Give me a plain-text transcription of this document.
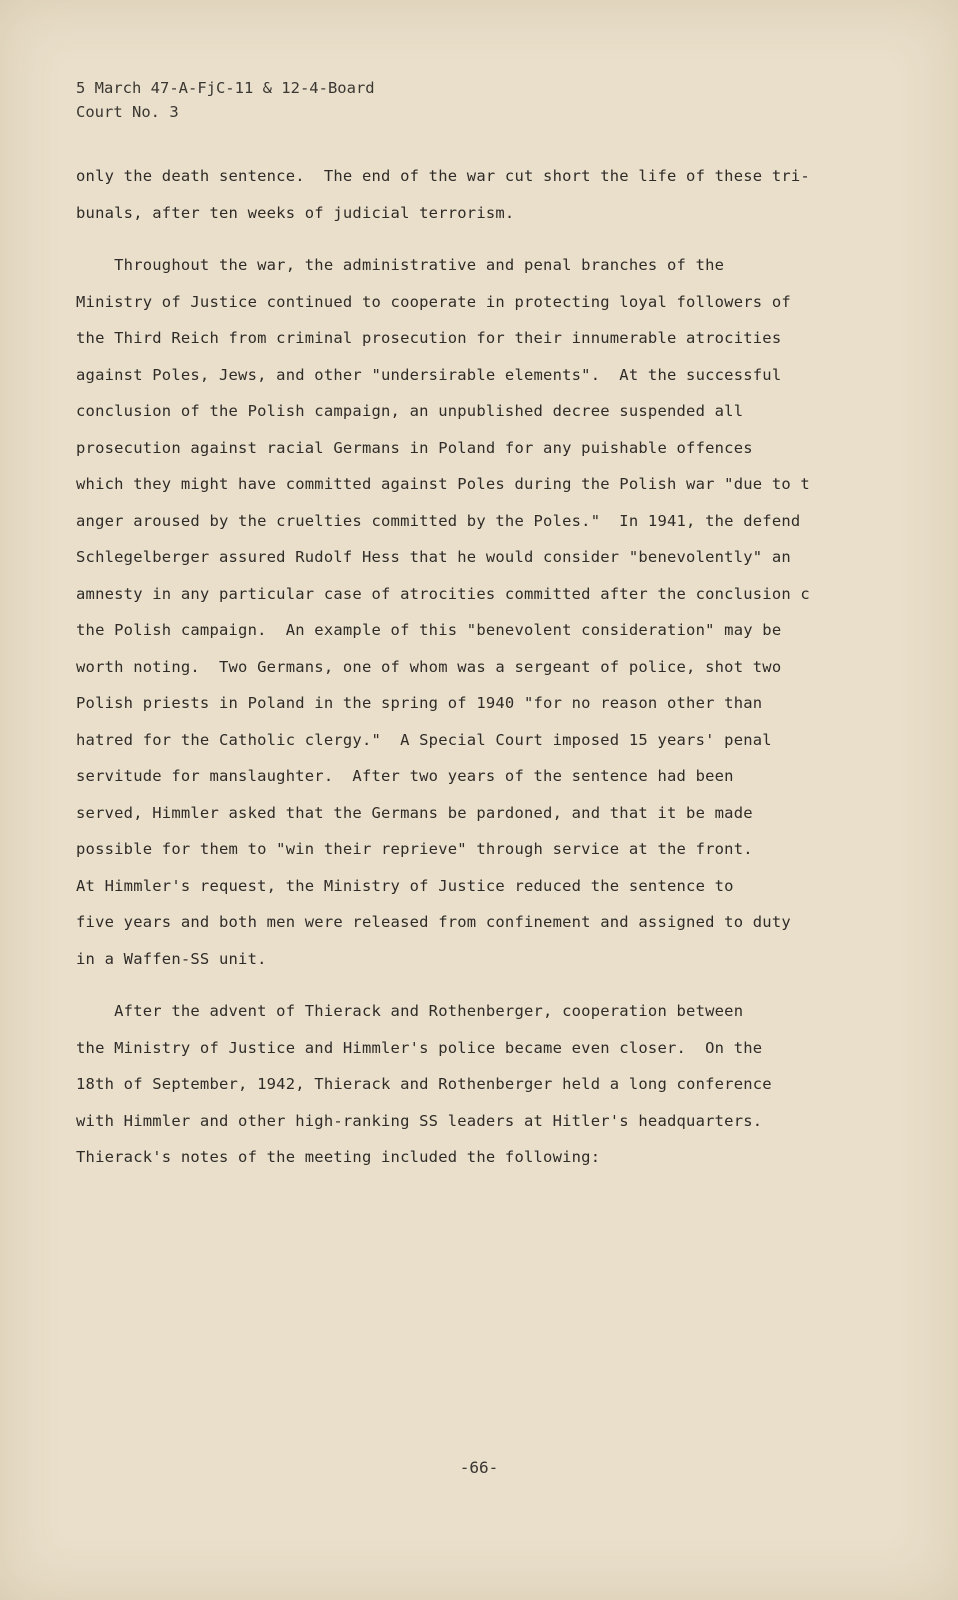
5 March 47-A-FjC-11 & 12-4-Board
Court No. 3
only the death sentence.  The end of the war cut short the life of these tri-
bunals, after ten weeks of judicial terrorism.
Throughout the war, the administrative and penal branches of the
Ministry of Justice continued to cooperate in protecting loyal followers of
the Third Reich from criminal prosecution for their innumerable atrocities
against Poles, Jews, and other "undersirable elements".  At the successful
conclusion of the Polish campaign, an unpublished decree suspended all
prosecution against racial Germans in Poland for any puishable offences
which they might have committed against Poles during the Polish war "due to t
anger aroused by the cruelties committed by the Poles."  In 1941, the defend
Schlegelberger assured Rudolf Hess that he would consider "benevolently" an
amnesty in any particular case of atrocities committed after the conclusion c
the Polish campaign.  An example of this "benevolent consideration" may be
worth noting.  Two Germans, one of whom was a sergeant of police, shot two
Polish priests in Poland in the spring of 1940 "for no reason other than
hatred for the Catholic clergy."  A Special Court imposed 15 years' penal
servitude for manslaughter.  After two years of the sentence had been
served, Himmler asked that the Germans be pardoned, and that it be made
possible for them to "win their reprieve" through service at the front.
At Himmler's request, the Ministry of Justice reduced the sentence to
five years and both men were released from confinement and assigned to duty
in a Waffen-SS unit.
After the advent of Thierack and Rothenberger, cooperation between
the Ministry of Justice and Himmler's police became even closer.  On the
18th of September, 1942, Thierack and Rothenberger held a long conference
with Himmler and other high-ranking SS leaders at Hitler's headquarters.
Thierack's notes of the meeting included the following:
-66-
